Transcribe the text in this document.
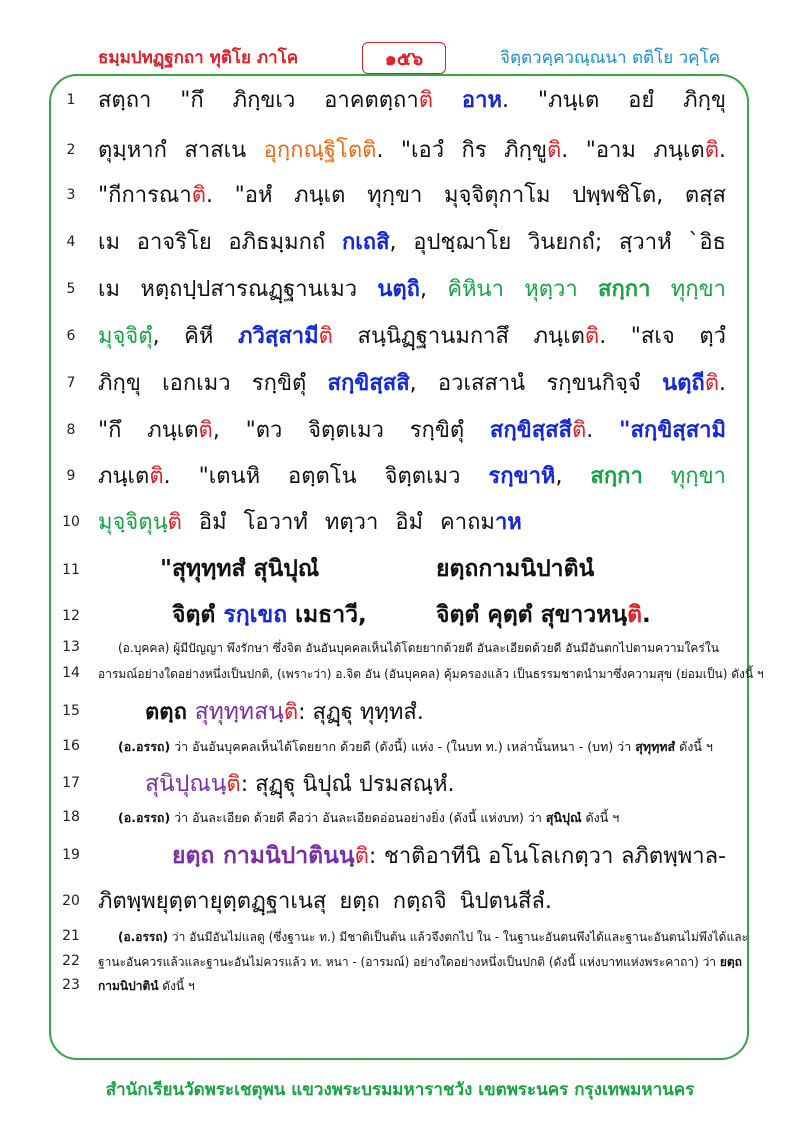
ธมฺมปทฏฺฐกถา ทุติโย ภาโค	๑๕๖	จิตฺตวคฺควณฺณนา ตติโย วคฺโค
1
2
3
4
5
6
7
8
9
10
11
12
13
14
15
16
17
18
19
20
21
22
23
สตฺถา "กึ ภิกฺขเว อาคตตฺถาติ อาห. "ภนฺเต อยํ ภิกฺขุ
ตุมฺหากํ สาสเน อุกฺกณฺฐิโตติ. "เอวํ กิร ภิกฺขูติ. "อาม ภนฺเตติ.
"กีการณาติ. "อหํ ภนฺเต ทุกฺขา มุจฺจิตุกาโม ปพฺพชิโต, ตสฺส
เม อาจริโย อภิธมฺมกถํ กเถสิ, อุปชฺฌาโย วินยกถํ; สฺวาหํ `อิธ
เม หตฺถปฺปสารณฏฺฐานเมว นตฺถิ, คิหินา หุตฺวา สกฺกา ทุกฺขา
มุจฺจิตุํ, คิหี ภวิสฺสามีติ สนฺนิฏฺฐานมกาสึ ภนฺเตติ. "สเจ ตฺวํ
ภิกฺขุ เอกเมว รกฺขิตุํ สกฺขิสฺสสิ, อวเสสานํ รกฺขนกิจฺจํ นตฺถีติ.
"กึ ภนฺเตติ, "ตว จิตฺตเมว รกฺขิตุํ สกฺขิสฺสสีติ. "สกฺขิสฺสามิ
ภนฺเตติ. "เตนหิ อตฺตโน จิตฺตเมว รกฺขาหิ, สกฺกา ทุกฺขา
มุจฺจิตุนฺติ อิมํ โอวาทํ ทตฺวา อิมํ คาถมาห
"สุทุทฺทสํ สุนิปุณํ	ยตฺถกามนิปาตินํ
จิตฺตํ รกฺเขถ เมธาวี,	จิตฺตํ คุตฺตํ สุขาวหนฺติ.
(อ.บุคคล) ผู้มีปัญญา พึงรักษา ซึ่งจิต อันอันบุคคลเห็นได้โดยยากด้วยดี อันละเอียดด้วยดี อันมีอันตกไปตามความใคร่ใน
อารมณ์อย่างใดอย่างหนึ่งเป็นปกติ, (เพราะว่า) อ.จิต อัน (อันบุคคล) คุ้มครองแล้ว เป็นธรรมชาตนำมาซึ่งความสุข (ย่อมเป็น) ดังนี้ ฯ
ตตฺถ สุทุทฺทสนฺติ: สุฏฺฐุ ทุทฺทสํ.
(อ.อรรถ) ว่า อันอันบุคคลเห็นได้โดยยาก ด้วยดี (ดังนี้) แห่ง - (ในบท ท.) เหล่านั้นหนา - (บท) ว่า สุทุทฺทสํ ดังนี้ ฯ
สุนิปุณนฺติ: สุฏฺฐุ นิปุณํ ปรมสณฺหํ.
(อ.อรรถ) ว่า อันละเอียด ด้วยดี คือว่า อันละเอียดอ่อนอย่างยิ่ง (ดังนี้ แห่งบท) ว่า สุนิปุณํ ดังนี้ ฯ
ยตฺถ กามนิปาตินนฺติ: ชาติอาทีนิ อโนโลเกตฺวา ลภิตพฺพาล-
ภิตพฺพยุตฺตายุตฺตฏฺฐาเนสุ ยตฺถ กตฺถจิ นิปตนสีลํ.
(อ.อรรถ) ว่า อันมีอันไม่แลดู (ซึ่งฐานะ ท.) มีชาติเป็นต้น แล้วจึงตกไป ใน - ในฐานะอันตนพึงได้และฐานะอันตนไม่พึงได้และ
ฐานะอันควรแล้วและฐานะอันไม่ควรแล้ว ท. หนา - (อารมณ์) อย่างใดอย่างหนึ่งเป็นปกติ (ดังนี้ แห่งบาทแห่งพระคาถา) ว่า ยตฺถ
กามนิปาตินํ ดังนี้ ฯ
สำนักเรียนวัดพระเชตุพน แขวงพระบรมมหาราชวัง เขตพระนคร กรุงเทพมหานคร
